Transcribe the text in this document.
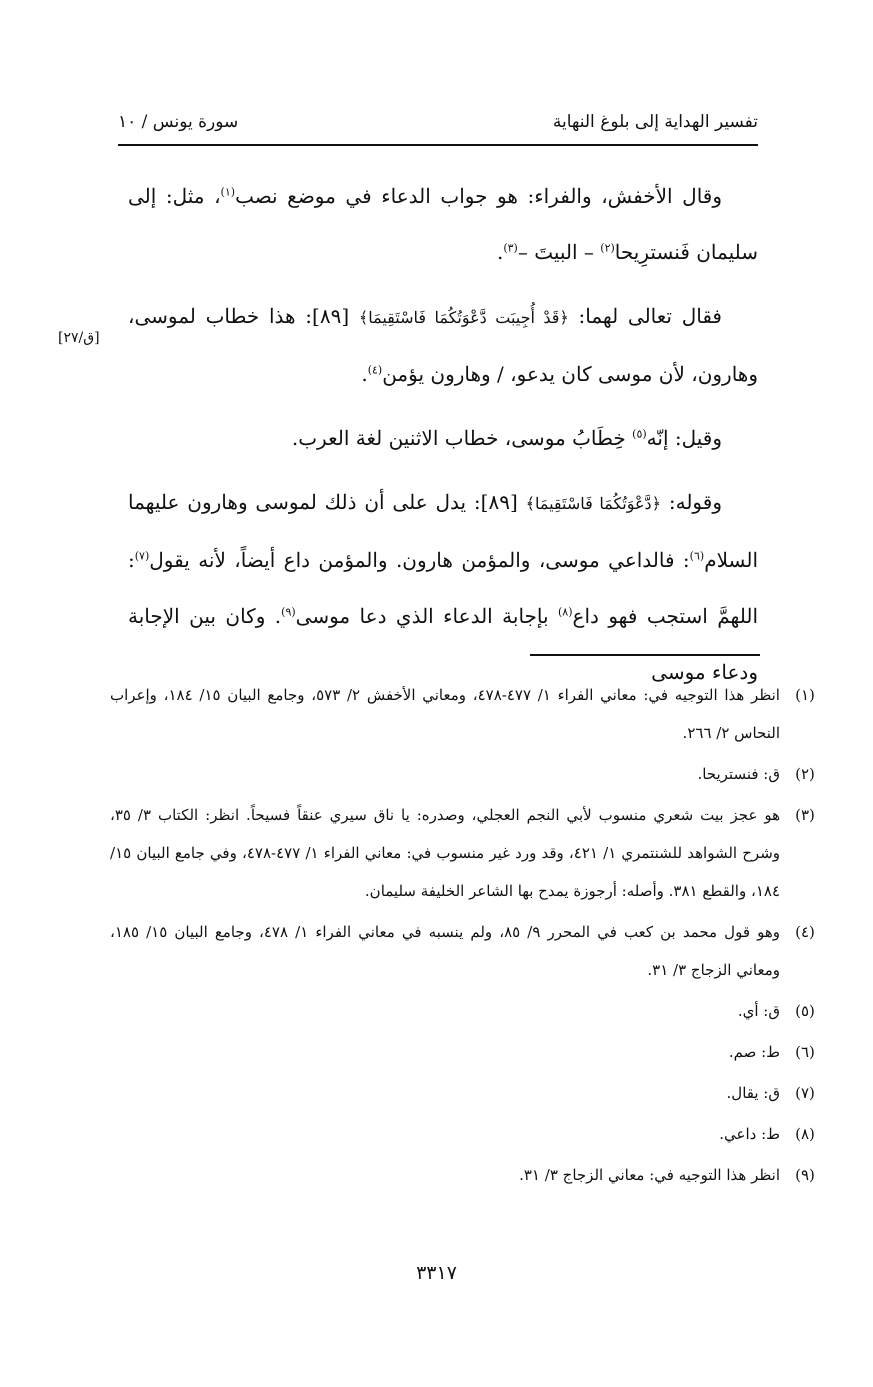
تفسير الهداية إلى بلوغ النهاية
سورة يونس / ١٠
[ق/٢٧]

وقال الأخفش، والفراء: هو جواب الدعاء في موضع نصب$^{(١)}$، مثل: إلى سليمان فَنسترِيحا$^{(٢)}$ – البيتَ –$^{(٣)}$.

فقال تعالى لهما: ﴿قَدْ أُجِيبَت دَّعْوَتُكُمَا فَاسْتَقِيمَا﴾ [٨٩]: هذا خطاب لموسى، وهارون، لأن موسى كان يدعو، / وهارون يؤمن$^{(٤)}$.

وقيل: إنّه$^{(٥)}$ خِطَابُ موسى، خطاب الاثنين لغة العرب.

وقوله: ﴿دَّعْوَتُكُمَا فَاسْتَقِيمَا﴾ [٨٩]: يدل على أن ذلك لموسى وهارون عليهما السلام$^{(٦)}$: فالداعي موسى، والمؤمن هارون. والمؤمن داع أيضاً، لأنه يقول$^{(٧)}$: اللهمَّ استجب فهو داع$^{(٨)}$ بإجابة الدعاء الذي دعا موسى$^{(٩)}$. وكان بين الإجابة ودعاء موسى

(١)
انظر هذا التوجيه في: معاني الفراء ١/ ٤٧٧-٤٧٨، ومعاني الأخفش ٢/ ٥٧٣، وجامع البيان ١٥/ ١٨٤، وإعراب النحاس ٢/ ٢٦٦.
(٢)
ق: فنستريحا.
(٣)
هو عجز بيت شعري منسوب لأبي النجم العجلي، وصدره: يا ناق سيري عنقاً فسيحاً. انظر: الكتاب ٣/ ٣٥، وشرح الشواهد للشنتمري ١/ ٤٢١، وقد ورد غير منسوب في: معاني الفراء ١/ ٤٧٧-٤٧٨، وفي جامع البيان ١٥/ ١٨٤، والقطع ٣٨١. وأصله: أرجوزة يمدح بها الشاعر الخليفة سليمان.
(٤)
وهو قول محمد بن كعب في المحرر ٩/ ٨٥، ولم ينسبه في معاني الفراء ١/ ٤٧٨، وجامع البيان ١٥/ ١٨٥، ومعاني الزجاج ٣/ ٣١.
(٥)
ق: أي.
(٦)
ط: صم.
(٧)
ق: يقال.
(٨)
ط: داعي.
(٩)
انظر هذا التوجيه في: معاني الزجاج ٣/ ٣١.
٣٣١٧
